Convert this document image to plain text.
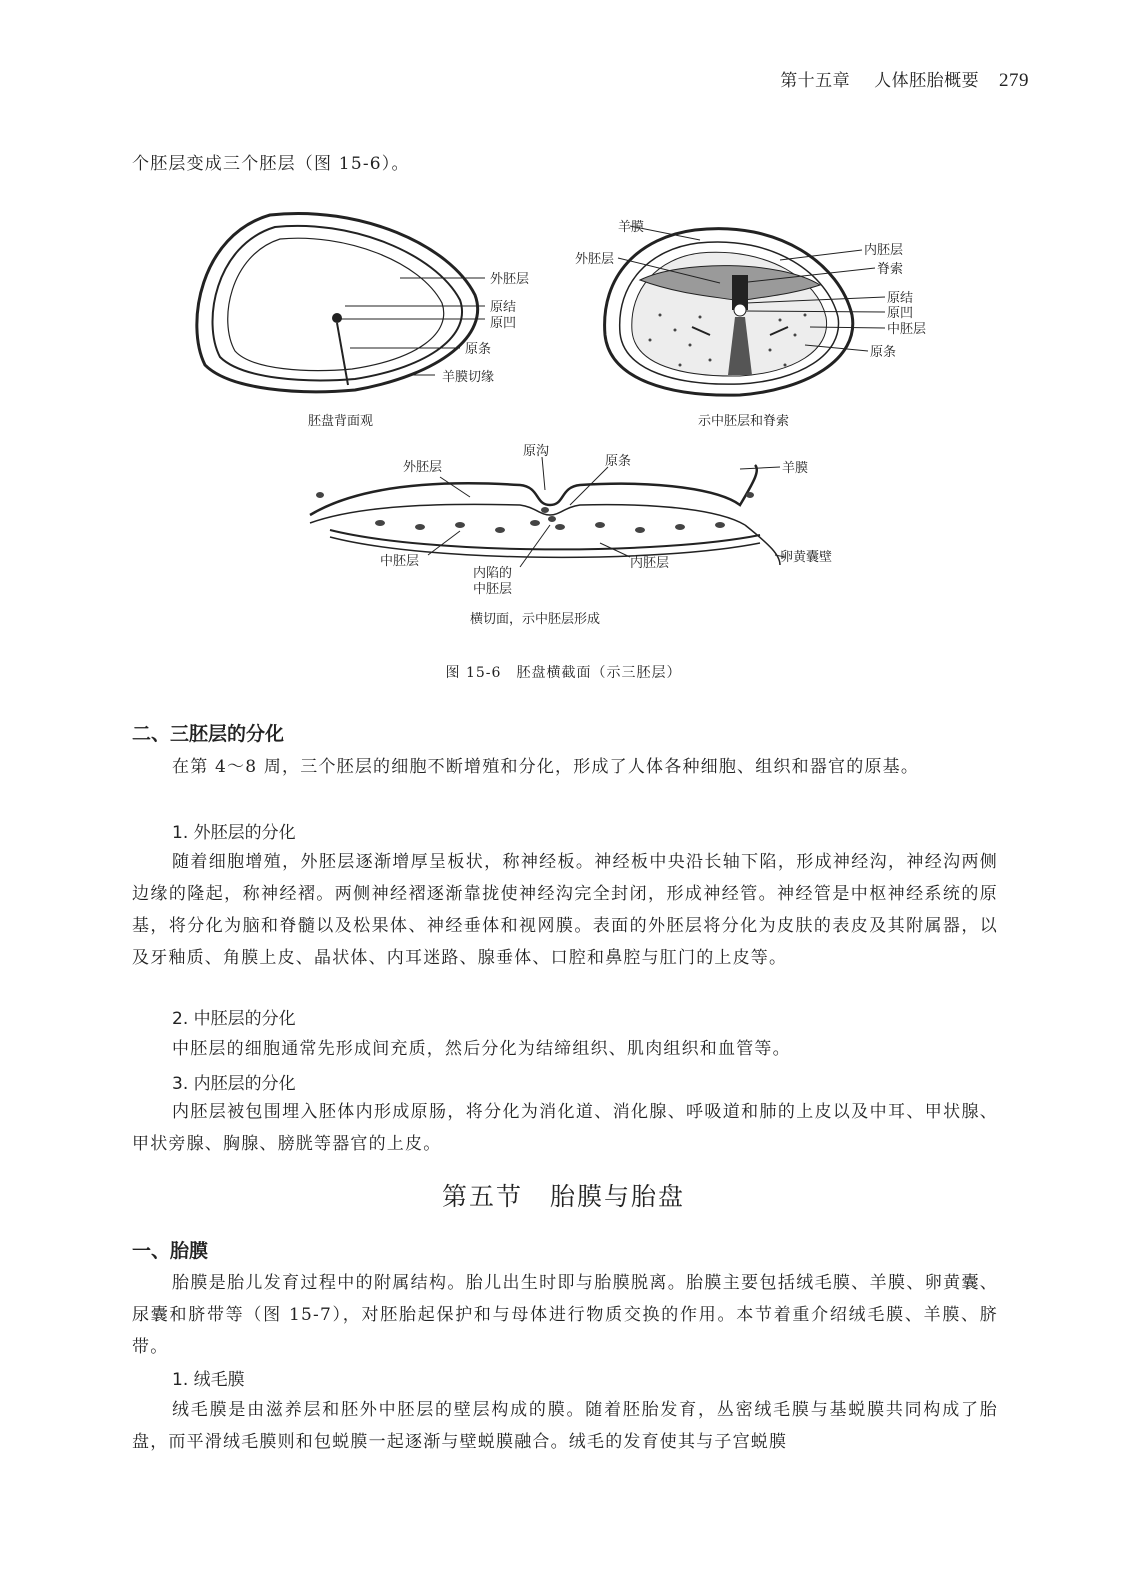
第十五章 人体胚胎概要 279
个胚层变成三个胚层（图 15-6）。
外胚层
原结
原凹
原条
羊膜切缘
胚盘背面观
羊膜
外胚层
内胚层
脊索
原结
原凹
中胚层
原条
示中胚层和脊索
原沟
外胚层	原条	羊膜
中胚层
内陷的
中胚层
内胚层	卵黄囊壁
横切面，示中胚层形成
图 15-6　胚盘横截面（示三胚层）
二、三胚层的分化
在第 4～8 周，三个胚层的细胞不断增殖和分化，形成了人体各种细胞、组织和器官的原基。
1. 外胚层的分化
随着细胞增殖，外胚层逐渐增厚呈板状，称神经板。神经板中央沿长轴下陷，形成神经沟，神经沟两侧边缘的隆起，称神经褶。两侧神经褶逐渐靠拢使神经沟完全封闭，形成神经管。神经管是中枢神经系统的原基，将分化为脑和脊髓以及松果体、神经垂体和视网膜。表面的外胚层将分化为皮肤的表皮及其附属器，以及牙釉质、角膜上皮、晶状体、内耳迷路、腺垂体、口腔和鼻腔与肛门的上皮等。
2. 中胚层的分化
中胚层的细胞通常先形成间充质，然后分化为结缔组织、肌肉组织和血管等。
3. 内胚层的分化
内胚层被包围埋入胚体内形成原肠，将分化为消化道、消化腺、呼吸道和肺的上皮以及中耳、甲状腺、甲状旁腺、胸腺、膀胱等器官的上皮。
第五节　胎膜与胎盘
一、胎膜
胎膜是胎儿发育过程中的附属结构。胎儿出生时即与胎膜脱离。胎膜主要包括绒毛膜、羊膜、卵黄囊、尿囊和脐带等（图 15-7），对胚胎起保护和与母体进行物质交换的作用。本节着重介绍绒毛膜、羊膜、脐带。
1. 绒毛膜
绒毛膜是由滋养层和胚外中胚层的壁层构成的膜。随着胚胎发育，丛密绒毛膜与基蜕膜共同构成了胎盘，而平滑绒毛膜则和包蜕膜一起逐渐与壁蜕膜融合。绒毛的发育使其与子宫蜕膜
